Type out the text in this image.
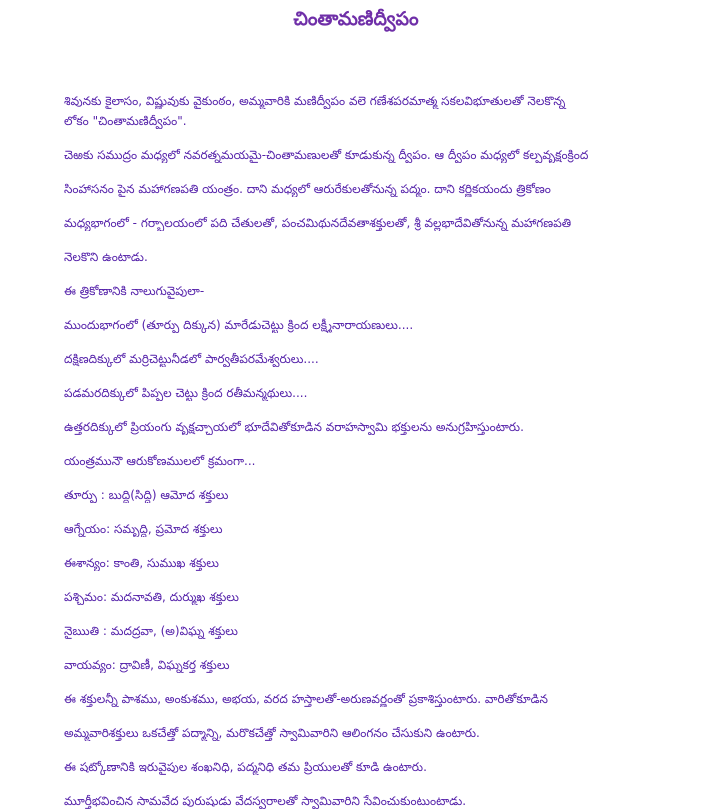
చింతామణిద్వీపం
శివునకు కైలాసం, విష్ణువుకు వైకుంఠం, అమ్మవారికి మణిద్వీపం వలె గణేశపరమాత్మ సకలవిభూతులతో నెలకొన్న
లోకం "చింతామణిద్వీపం".
చెఱకు సముద్రం మధ్యలో నవరత్నమయమై-చింతామణులతో కూడుకున్న ద్వీపం. ఆ ద్వీపం మధ్యలో కల్పవృక్షంక్రింద
సింహాసనం పైన మహాగణపతి యంత్రం. దాని మధ్యలో ఆరురేకులతోనున్న పద్మం. దాని కర్ణికయందు త్రికోణం
మధ్యభాగంలో - గర్భాలయంలో పది చేతులతో, పంచమిథునదేవతాశక్తులతో, శ్రీ వల్లభాదేవితోనున్న మహాగణపతి
నెలకొని ఉంటాడు.
ఈ త్రికోణానికి నాలుగువైపులా-
ముందుభాగంలో (తూర్పు దిక్కున) మారేడుచెట్టు క్రింద లక్ష్మీనారాయణులు....
దక్షిణదిక్కులో మర్రిచెట్టునీడలో పార్వతీపరమేశ్వరులు....
పడమరదిక్కులో పిప్పల చెట్టు క్రింద రతీమన్మథులు....
ఉత్తరదిక్కులో ప్రియంగు వృక్షచ్ఛాయలో భూదేవితోకూడిన వరాహస్వామి భక్తులను అనుగ్రహిస్తుంటారు.
యంత్రమునౌ ఆరుకోణములలో క్రమంగా...
తూర్పు : బుద్ధి(సిద్ధి) ఆమోద శక్తులు
ఆగ్నేయం: సమృద్ధి, ప్రమోద శక్తులు
ఈశాన్యం: కాంతి, సుముఖ శక్తులు
పశ్చిమం: మదనావతి, దుర్ముఖ శక్తులు
నైఋతి : మదద్రవా, (అ)విఘ్న శక్తులు
వాయవ్యం: ద్రావిణీ, విఘ్నకర్త శక్తులు
ఈ శక్తులన్నీ పాశము, అంకుశము, అభయ, వరద హస్తాలతో-అరుణవర్ణంతో ప్రకాశిస్తుంటారు. వారితోకూడిన
అమ్మవారిశక్తులు ఒకచేత్తో పద్మాన్ని, మరొకచేత్తో స్వామివారిని ఆలింగనం చేసుకుని ఉంటారు.
ఈ షట్కోణానికి ఇరువైపుల శంఖనిధి, పద్మనిధి తమ ప్రియులతో కూడి ఉంటారు.
మూర్తీభవించిన సామవేద పురుషుడు వేదస్వరాలతో స్వామివారిని సేవించుకుంటుంటాడు.
